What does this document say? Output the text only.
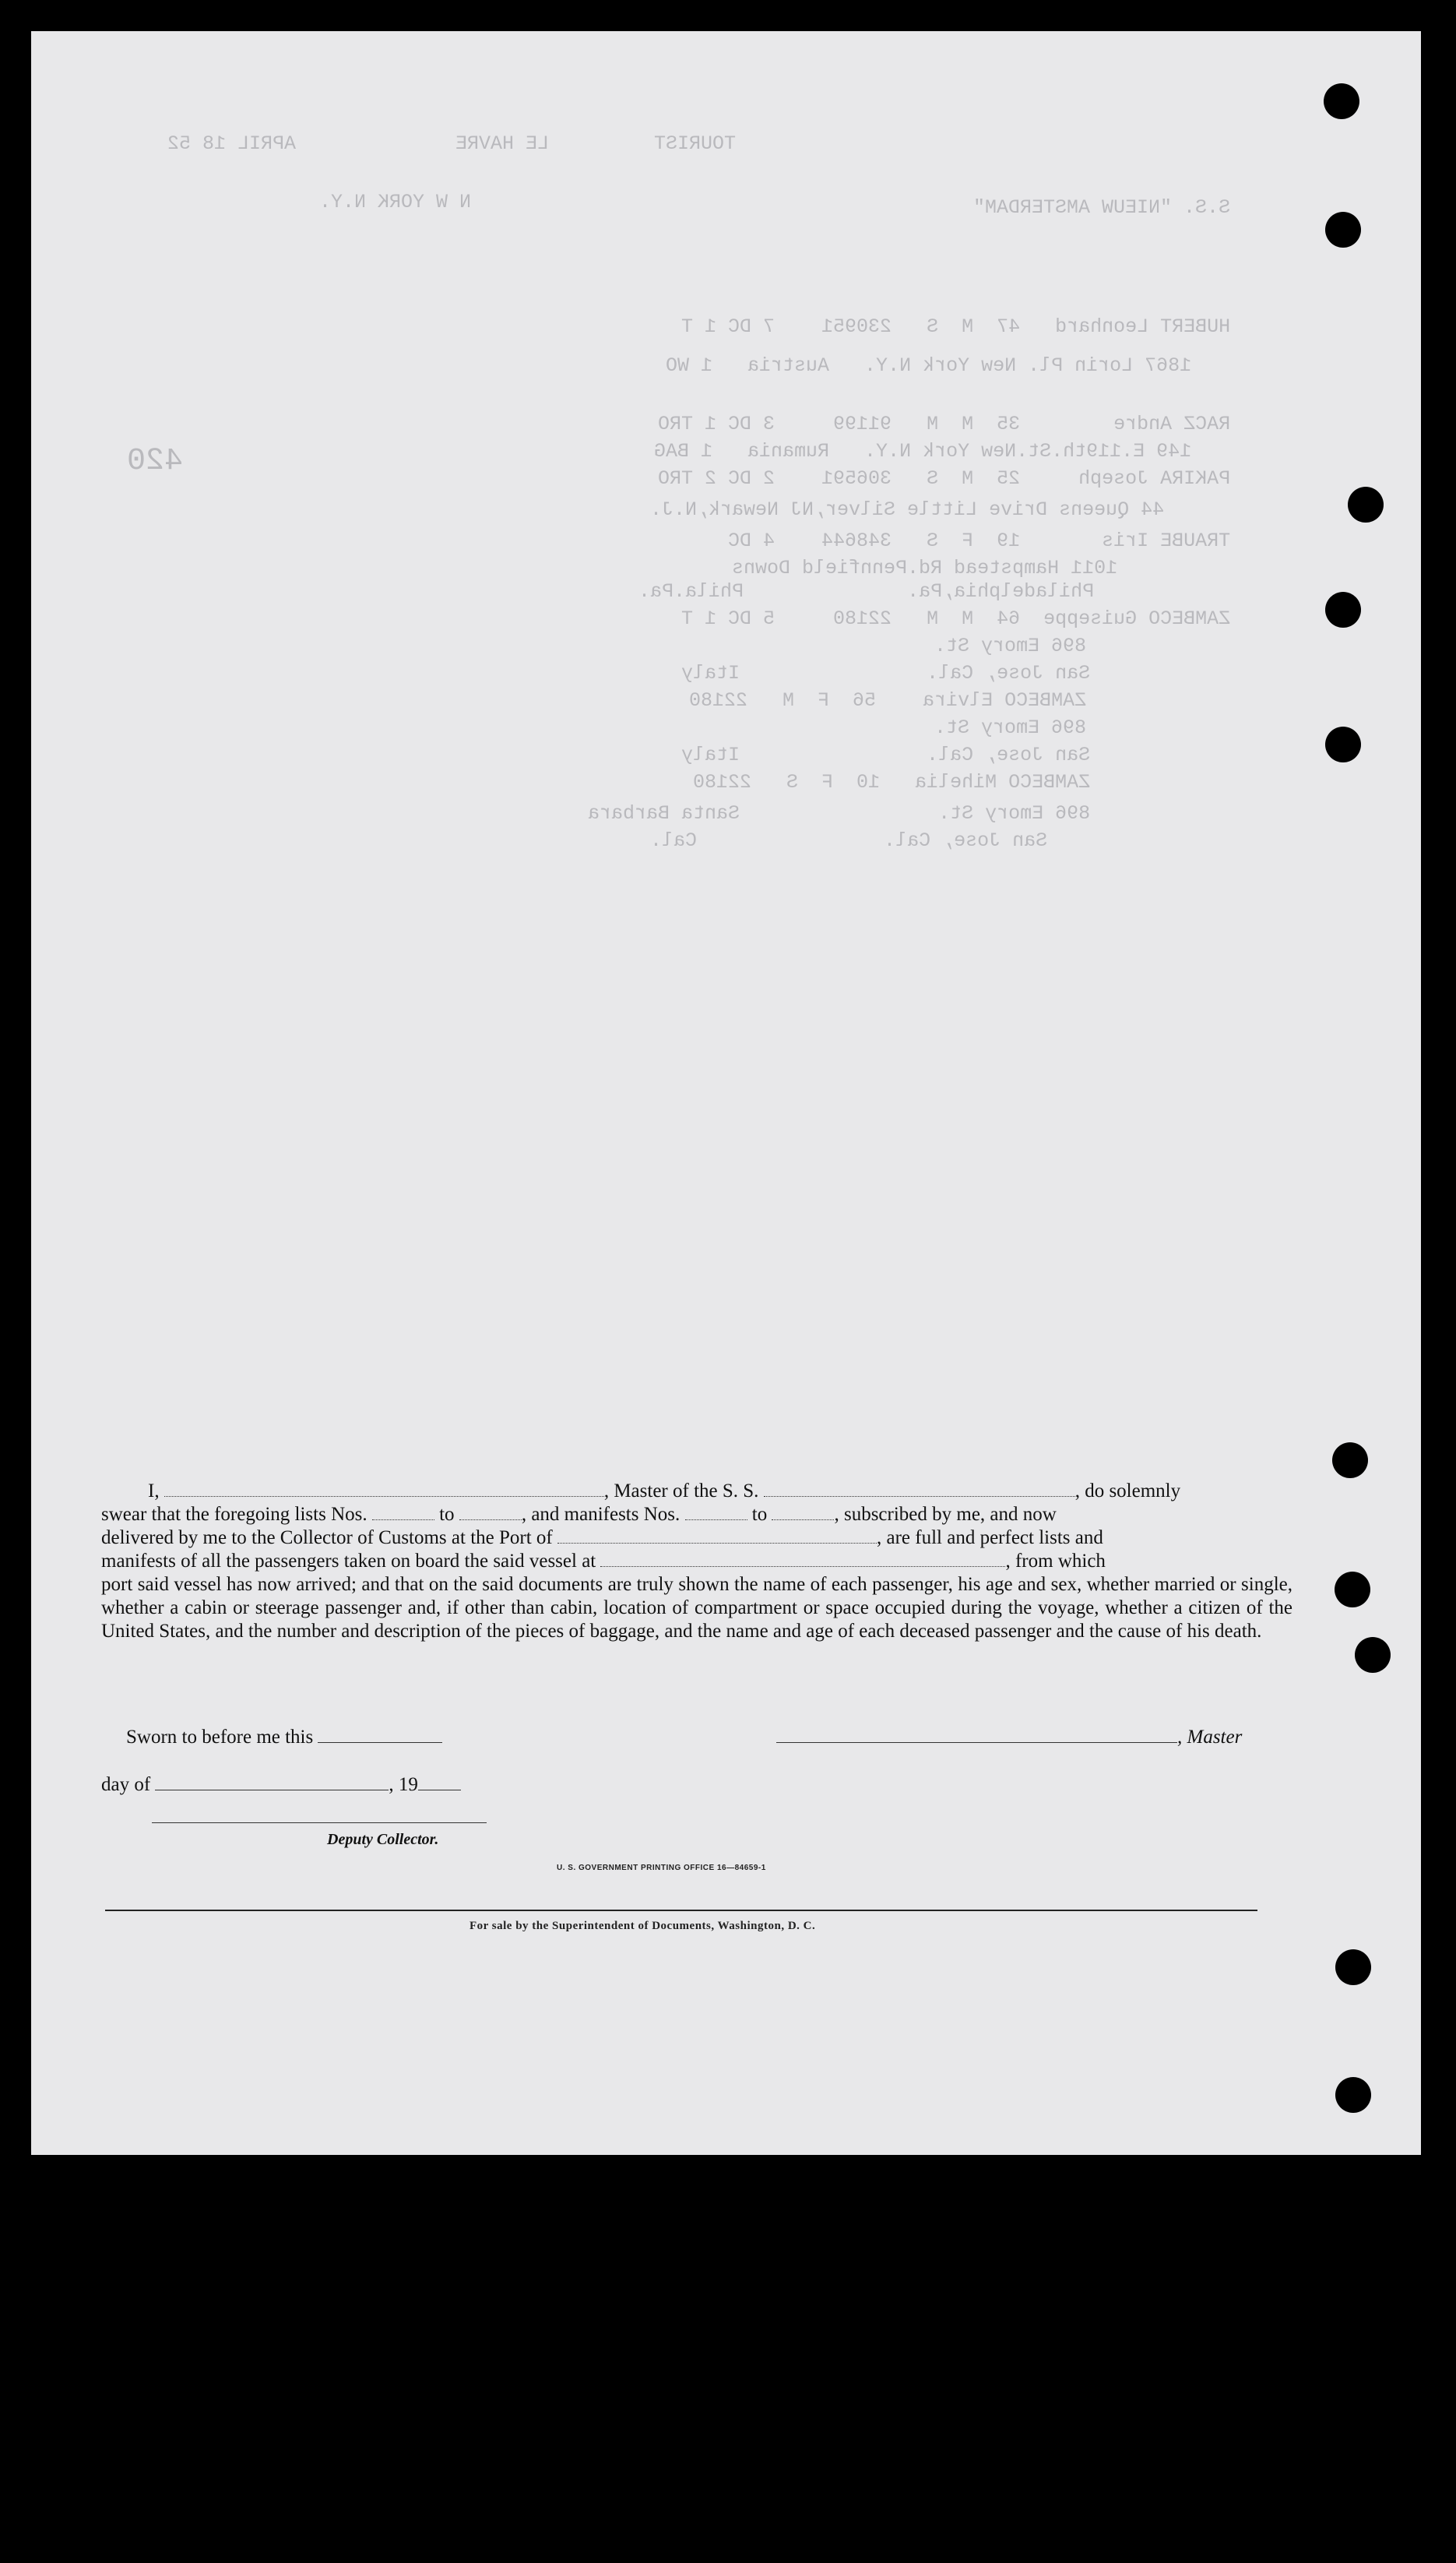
APRIL 18 52	LE HAVRE	TOURIST
N W YORK N.Y.	S.S. "NIEUW AMSTERDAM"
420
HUBERT Leonhard   47  M  S   230951    7 DC 1 T
1867 Lorin Pl. New York N.Y.   Austria   1 WO
RACZ Andre        35  M  M   91199     3 DC 1 TRO
149 E.119th.St.New York N.Y.   Rumania   1 BAG
PAKIRA Joseph     25  M  S   306591    2 DC 2 TRO
44 Queens Drive Little Silver,NJ Newark,N.J.
TRAUBE Iris       19  F  S   348644    4 DC
1011 Hampstead Rd.Pennfield Downs
Philadelphia,Pa.              Phila.Pa.
ZAMBECO Guiseppe  64  M  M   22180     5 DC 1 T
896 Emory St.
San Jose, Cal.                Italy
ZAMBECO Elvira    56  F  M   22180
896 Emory St.
San Jose, Cal.                Italy
ZAMBECO Mihelia   10  F  S   22180
896 Emory St.                 Santa Barbara
San Jose, Cal.                Cal.
I,	, Master of the S. S.	, do solemnly
swear that the foregoing lists Nos.	to	, and manifests Nos.	to	, subscribed by me, and now
delivered by me to the Collector of Customs at the Port of	, are full and perfect lists and
manifests of all the passengers taken on board the said vessel at	, from which
port said vessel has now arrived; and that on the said documents are truly shown the name of each passenger, his age and sex, whether married or single, whether a cabin or steerage passenger and, if other than cabin, location of compartment or space occupied during the voyage, whether a citizen of the United States, and the number and description of the pieces of baggage, and the name and age of each deceased passenger and the cause of his death.
Sworn to before me this	, Master
day of	, 19
Deputy Collector.
U. S. GOVERNMENT PRINTING OFFICE 16—84659-1
For sale by the Superintendent of Documents, Washington, D. C.
